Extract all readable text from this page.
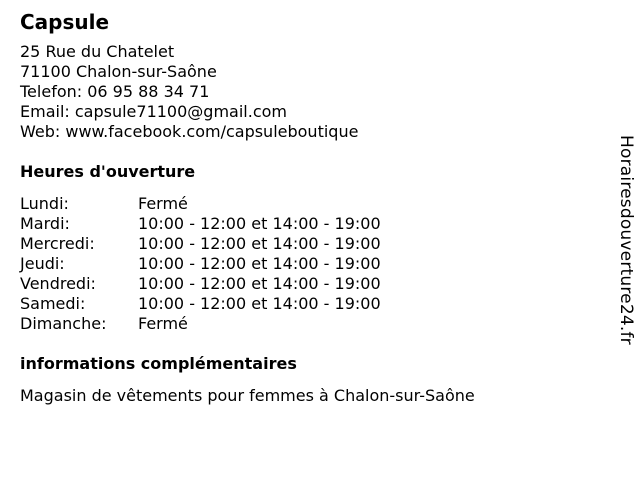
Capsule
25 Rue du Chatelet
71100 Chalon-sur-Saône
Telefon: 06 95 88 34 71
Email: capsule71100@gmail.com
Web: www.facebook.com/capsuleboutique
Heures d'ouverture
Lundi:	Fermé
Mardi:	10:00 - 12:00 et 14:00 - 19:00
Mercredi:	10:00 - 12:00 et 14:00 - 19:00
Jeudi:	10:00 - 12:00 et 14:00 - 19:00
Vendredi:	10:00 - 12:00 et 14:00 - 19:00
Samedi:	10:00 - 12:00 et 14:00 - 19:00
Dimanche:	Fermé
informations complémentaires
Magasin de vêtements pour femmes à Chalon-sur-Saône
Horairesdouverture24.fr
